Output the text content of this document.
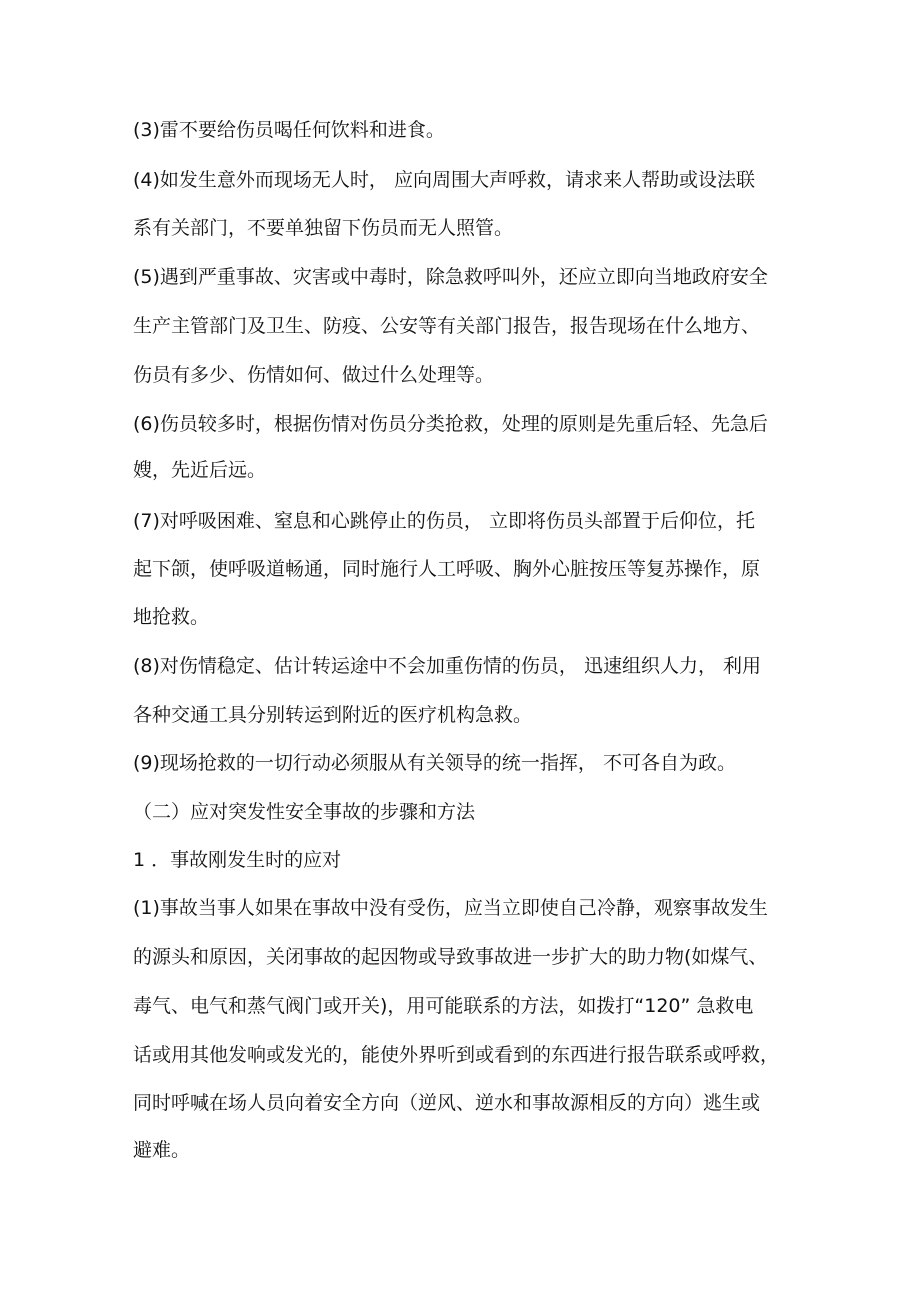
(3)雷不要给伤员喝任何饮料和进食。
(4)如发生意外而现场无人时， 应向周围大声呼救，请求来人帮助或设法联
系有关部门，不要单独留下伤员而无人照管。
(5)遇到严重事故、灾害或中毒时，除急救呼叫外，还应立即向当地政府安全
生产主管部门及卫生、防疫、公安等有关部门报告，报告现场在什么地方、
伤员有多少、伤情如何、做过什么处理等。
(6)伤员较多时，根据伤情对伤员分类抢救，处理的原则是先重后轻、先急后
嫂，先近后远。
(7)对呼吸困难、窒息和心跳停止的伤员， 立即将伤员头部置于后仰位，托
起下颌，使呼吸道畅通，同时施行人工呼吸、胸外心脏按压等复苏操作，原
地抢救。
(8)对伤情稳定、估计转运途中不会加重伤情的伤员， 迅速组织人力， 利用
各种交通工具分别转运到附近的医疗机构急救。
(9)现场抢救的一切行动必须服从有关领导的统一指挥， 不可各自为政。
（二）应对突发性安全事故的步骤和方法
1 ．事故刚发生时的应对
(1)事故当事人如果在事故中没有受伤，应当立即使自己冷静，观察事故发生
的源头和原因，关闭事故的起因物或导致事故进一步扩大的助力物(如煤气、
毒气、电气和蒸气阀门或开关)，用可能联系的方法，如拨打“120” 急救电
话或用其他发响或发光的，能使外界听到或看到的东西进行报告联系或呼救，
同时呼喊在场人员向着安全方向（逆风、逆水和事故源相反的方向）逃生或
避难。
